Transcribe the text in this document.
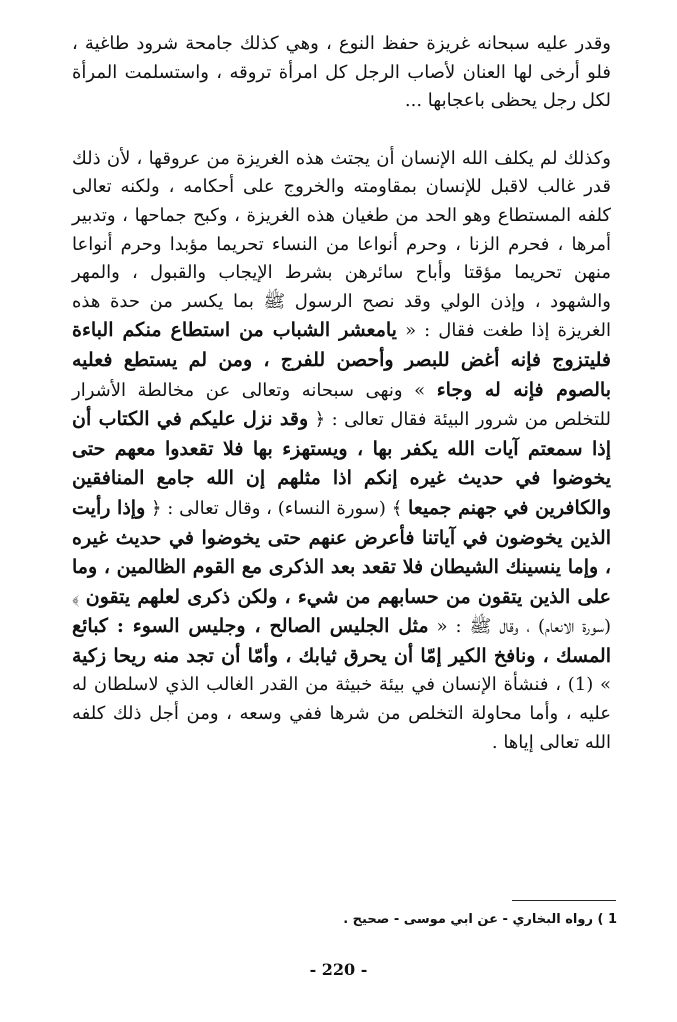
وقدر عليه سبحانه غريزة حفظ النوع ، وهي كذلك جامحة شرود طاغية ، فلو أرخى لها العنان لأصاب الرجل كل امرأة تروقه ، واستسلمت المرأة لكل رجل يحظى باعجابها ...

وكذلك لم يكلف الله الإنسان أن يجتث هذه الغريزة من عروقها ، لأن ذلك قدر غالب لاقبل للإنسان بمقاومته والخروج على أحكامه ، ولكنه تعالى كلفه المستطاع وهو الحد من طغيان هذه الغريزة ، وكبح جماحها ، وتدبير أمرها ، فحرم الزنا ، وحرم أنواعا من النساء تحريما مؤبدا وحرم أنواعا منهن تحريما مؤقتا وأباح سائرهن بشرط الإيجاب والقبول ، والمهر والشهود ، وإذن الولي وقد نصح الرسول ﷺ بما يكسر من حدة هذه الغريزة إذا طغت فقال : « يامعشر الشباب من استطاع منكم الباءة فليتزوج فإنه أغض للبصر وأحصن للفرج ، ومن لم يستطع فعليه بالصوم فإنه له وجاء » ونهى سبحانه وتعالى عن مخالطة الأشرار للتخلص من شرور البيئة فقال تعالى : ﴿ وقد نزل عليكم في الكتاب أن إذا سمعتم آيات الله يكفر بها ، ويستهزء بها فلا تقعدوا معهم حتى يخوضوا في حديث غيره إنكم اذا مثلهم إن الله جامع المنافقين والكافرين في جهنم جميعا ﴾ (سورة النساء) ، وقال تعالى : ﴿ وإذا رأيت الذين يخوضون في آياتنا فأعرض عنهم حتى يخوضوا في حديث غيره ، وإما ينسينك الشيطان فلا تقعد بعد الذكرى مع القوم الظالمين ، وما على الذين يتقون من حسابهم من شيء ، ولكن ذكرى لعلهم يتقون ﴾ (سورة الانعام) ، وقال ﷺ : « مثل الجليس الصالح ، وجليس السوء : كبائع المسك ، ونافخ الكير إمّا أن يحرق ثيابك ، وأمّا أن تجد منه ريحا زكية » (1) ، فنشأة الإنسان في بيئة خبيثة من القدر الغالب الذي لاسلطان له عليه ، وأما محاولة التخلص من شرها ففي وسعه ، ومن أجل ذلك كلفه الله تعالى إياها .

1 ) رواه البخاري - عن ابي موسى - صحيح .
- 220 -
